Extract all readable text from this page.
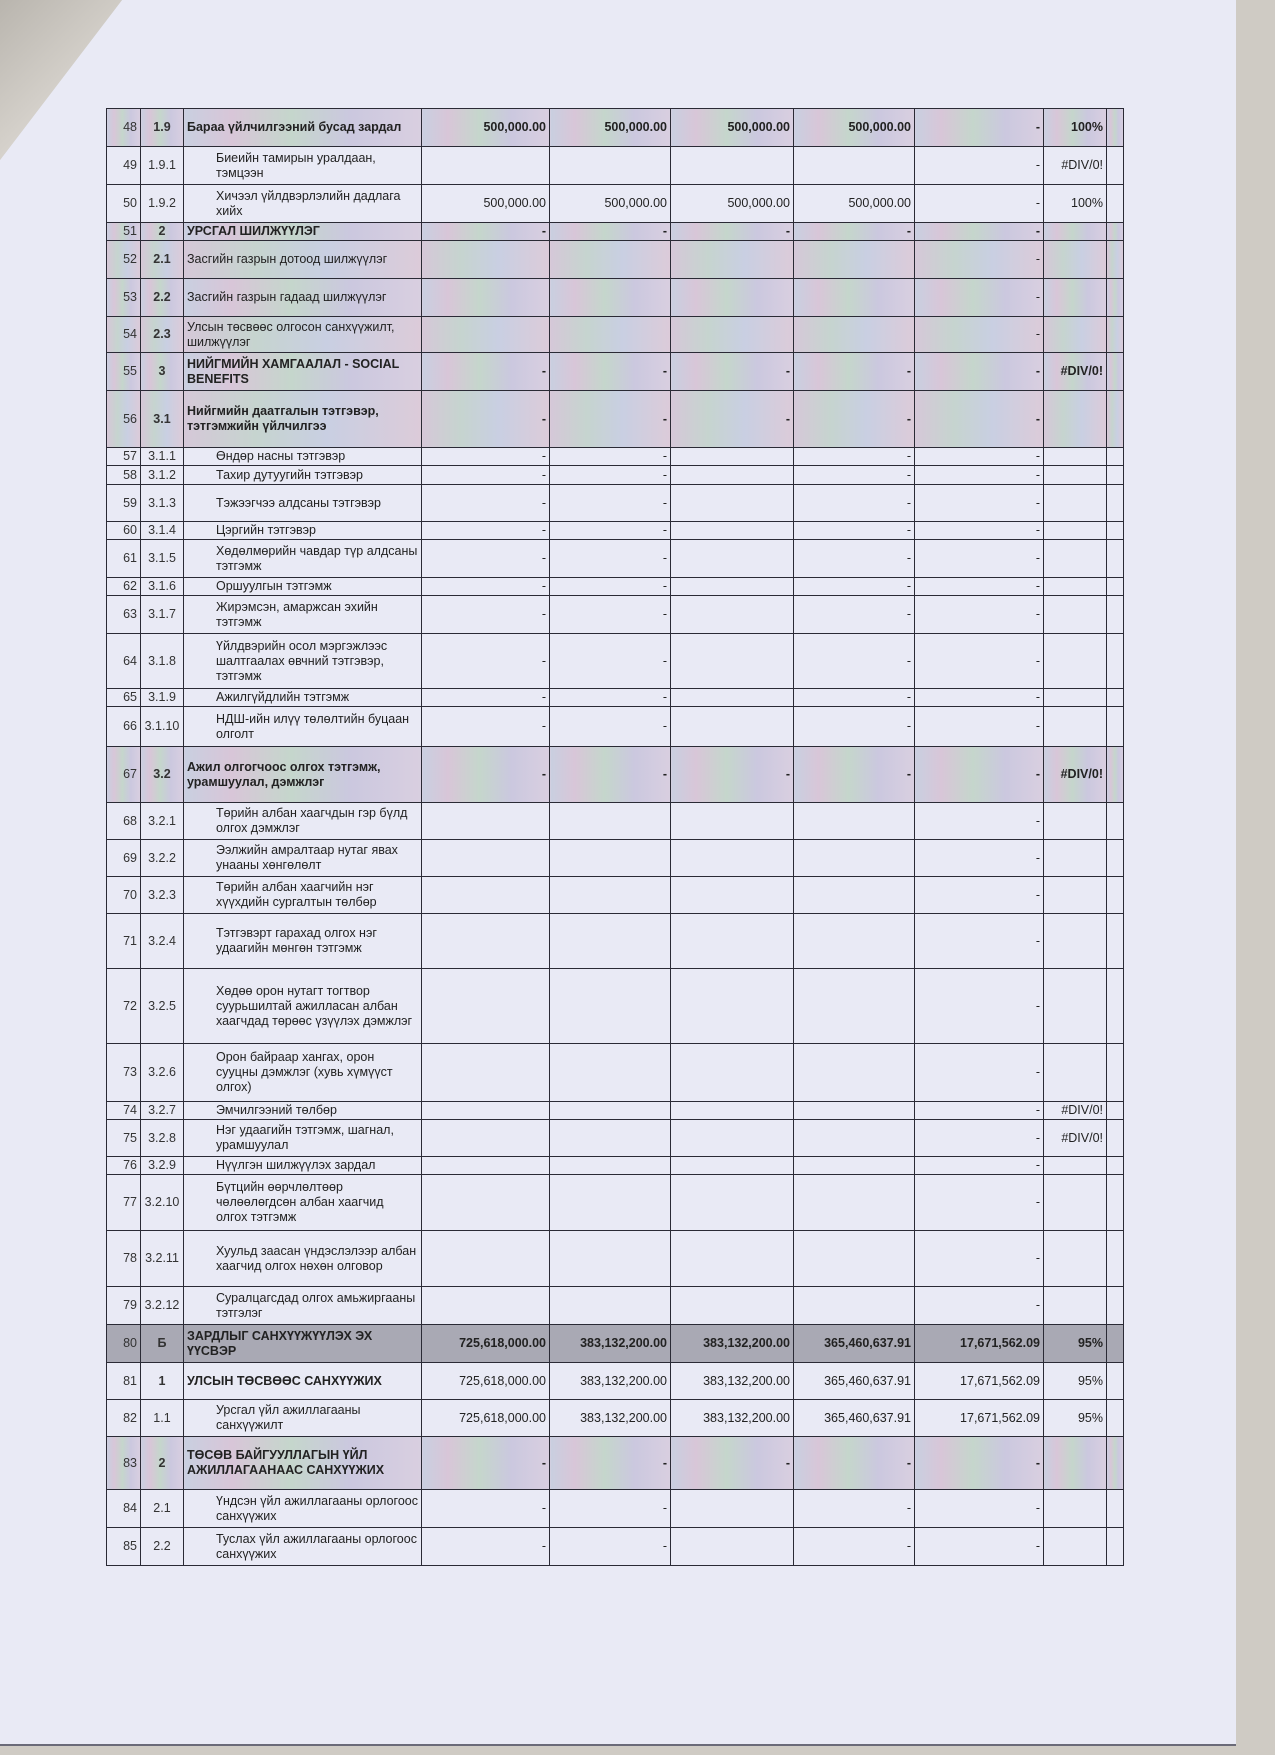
48	1.9	Бараа үйлчилгээний бусад зардал	500,000.00	500,000.00	500,000.00	500,000.00	-	100%	
49	1.9.1	Биеийн тамирын уралдаан, тэмцээн					-	#DIV/0!	
50	1.9.2	Хичээл үйлдвэрлэлийн дадлага хийх	500,000.00	500,000.00	500,000.00	500,000.00	-	100%	
51	2	УРСГАЛ ШИЛЖҮҮЛЭГ	-	-	-	-	-		
52	2.1	Засгийн газрын дотоод шилжүүлэг					-		
53	2.2	Засгийн газрын гадаад шилжүүлэг					-		
54	2.3	Улсын төсвөөс олгосон санхүүжилт, шилжүүлэг					-		
55	3	НИЙГМИЙН ХАМГААЛАЛ - SOCIAL BENEFITS	-	-	-	-	-	#DIV/0!	
56	3.1	Нийгмийн даатгалын тэтгэвэр, тэтгэмжийн үйлчилгээ	-	-	-	-	-		
57	3.1.1	Өндөр насны тэтгэвэр	-	-		-	-		
58	3.1.2	Тахир дутуугийн тэтгэвэр	-	-		-	-		
59	3.1.3	Тэжээгчээ алдсаны тэтгэвэр	-	-		-	-		
60	3.1.4	Цэргийн тэтгэвэр	-	-		-	-		
61	3.1.5	Хөдөлмөрийн чавдар түр алдсаны тэтгэмж	-	-		-	-		
62	3.1.6	Оршуулгын тэтгэмж	-	-		-	-		
63	3.1.7	Жирэмсэн, амаржсан эхийн тэтгэмж	-	-		-	-		
64	3.1.8	Үйлдвэрийн осол мэргэжлээс шалтгаалах өвчний тэтгэвэр, тэтгэмж	-	-		-	-		
65	3.1.9	Ажилгүйдлийн тэтгэмж	-	-		-	-		
66	3.1.10	НДШ-ийн илүү төлөлтийн буцаан олголт	-	-		-	-		
67	3.2	Ажил олгогчоос олгох тэтгэмж, урамшуулал, дэмжлэг	-	-	-	-	-	#DIV/0!	
68	3.2.1	Төрийн албан хаагчдын гэр бүлд олгох дэмжлэг					-		
69	3.2.2	Ээлжийн амралтаар нутаг явах унааны хөнгөлөлт					-		
70	3.2.3	Төрийн албан хаагчийн нэг хүүхдийн сургалтын төлбөр					-		
71	3.2.4	Тэтгэвэрт гарахад олгох нэг удаагийн мөнгөн тэтгэмж					-		
72	3.2.5	Хөдөө орон нутагт тогтвор суурьшилтай ажилласан албан хаагчдад төрөөс үзүүлэх дэмжлэг					-		
73	3.2.6	Орон байраар хангах, орон сууцны дэмжлэг (хувь хүмүүст олгох)					-		
74	3.2.7	Эмчилгээний төлбөр					-	#DIV/0!	
75	3.2.8	Нэг удаагийн тэтгэмж, шагнал, урамшуулал					-	#DIV/0!	
76	3.2.9	Нүүлгэн шилжүүлэх зардал					-		
77	3.2.10	Бүтцийн өөрчлөлтөөр чөлөөлөгдсөн албан хаагчид олгох тэтгэмж					-		
78	3.2.11	Хуульд заасан үндэслэлээр албан хаагчид олгох нөхөн олговор					-		
79	3.2.12	Суралцагсдад олгох амьжиргааны тэтгэлэг					-		
80	Б	ЗАРДЛЫГ САНХҮҮЖҮҮЛЭХ ЭХ ҮҮСВЭР	725,618,000.00	383,132,200.00	383,132,200.00	365,460,637.91	17,671,562.09	95%	
81	1	УЛСЫН ТӨСВӨӨС САНХҮҮЖИХ	725,618,000.00	383,132,200.00	383,132,200.00	365,460,637.91	17,671,562.09	95%	
82	1.1	Урсгал үйл ажиллагааны санхүүжилт	725,618,000.00	383,132,200.00	383,132,200.00	365,460,637.91	17,671,562.09	95%	
83	2	ТӨСӨВ БАЙГУУЛЛАГЫН ҮЙЛ АЖИЛЛАГААНААС САНХҮҮЖИХ	-	-	-	-	-		
84	2.1	Үндсэн үйл ажиллагааны орлогоос санхүүжих	-	-		-	-		
85	2.2	Туслах үйл ажиллагааны орлогоос санхүүжих	-	-		-	-		
